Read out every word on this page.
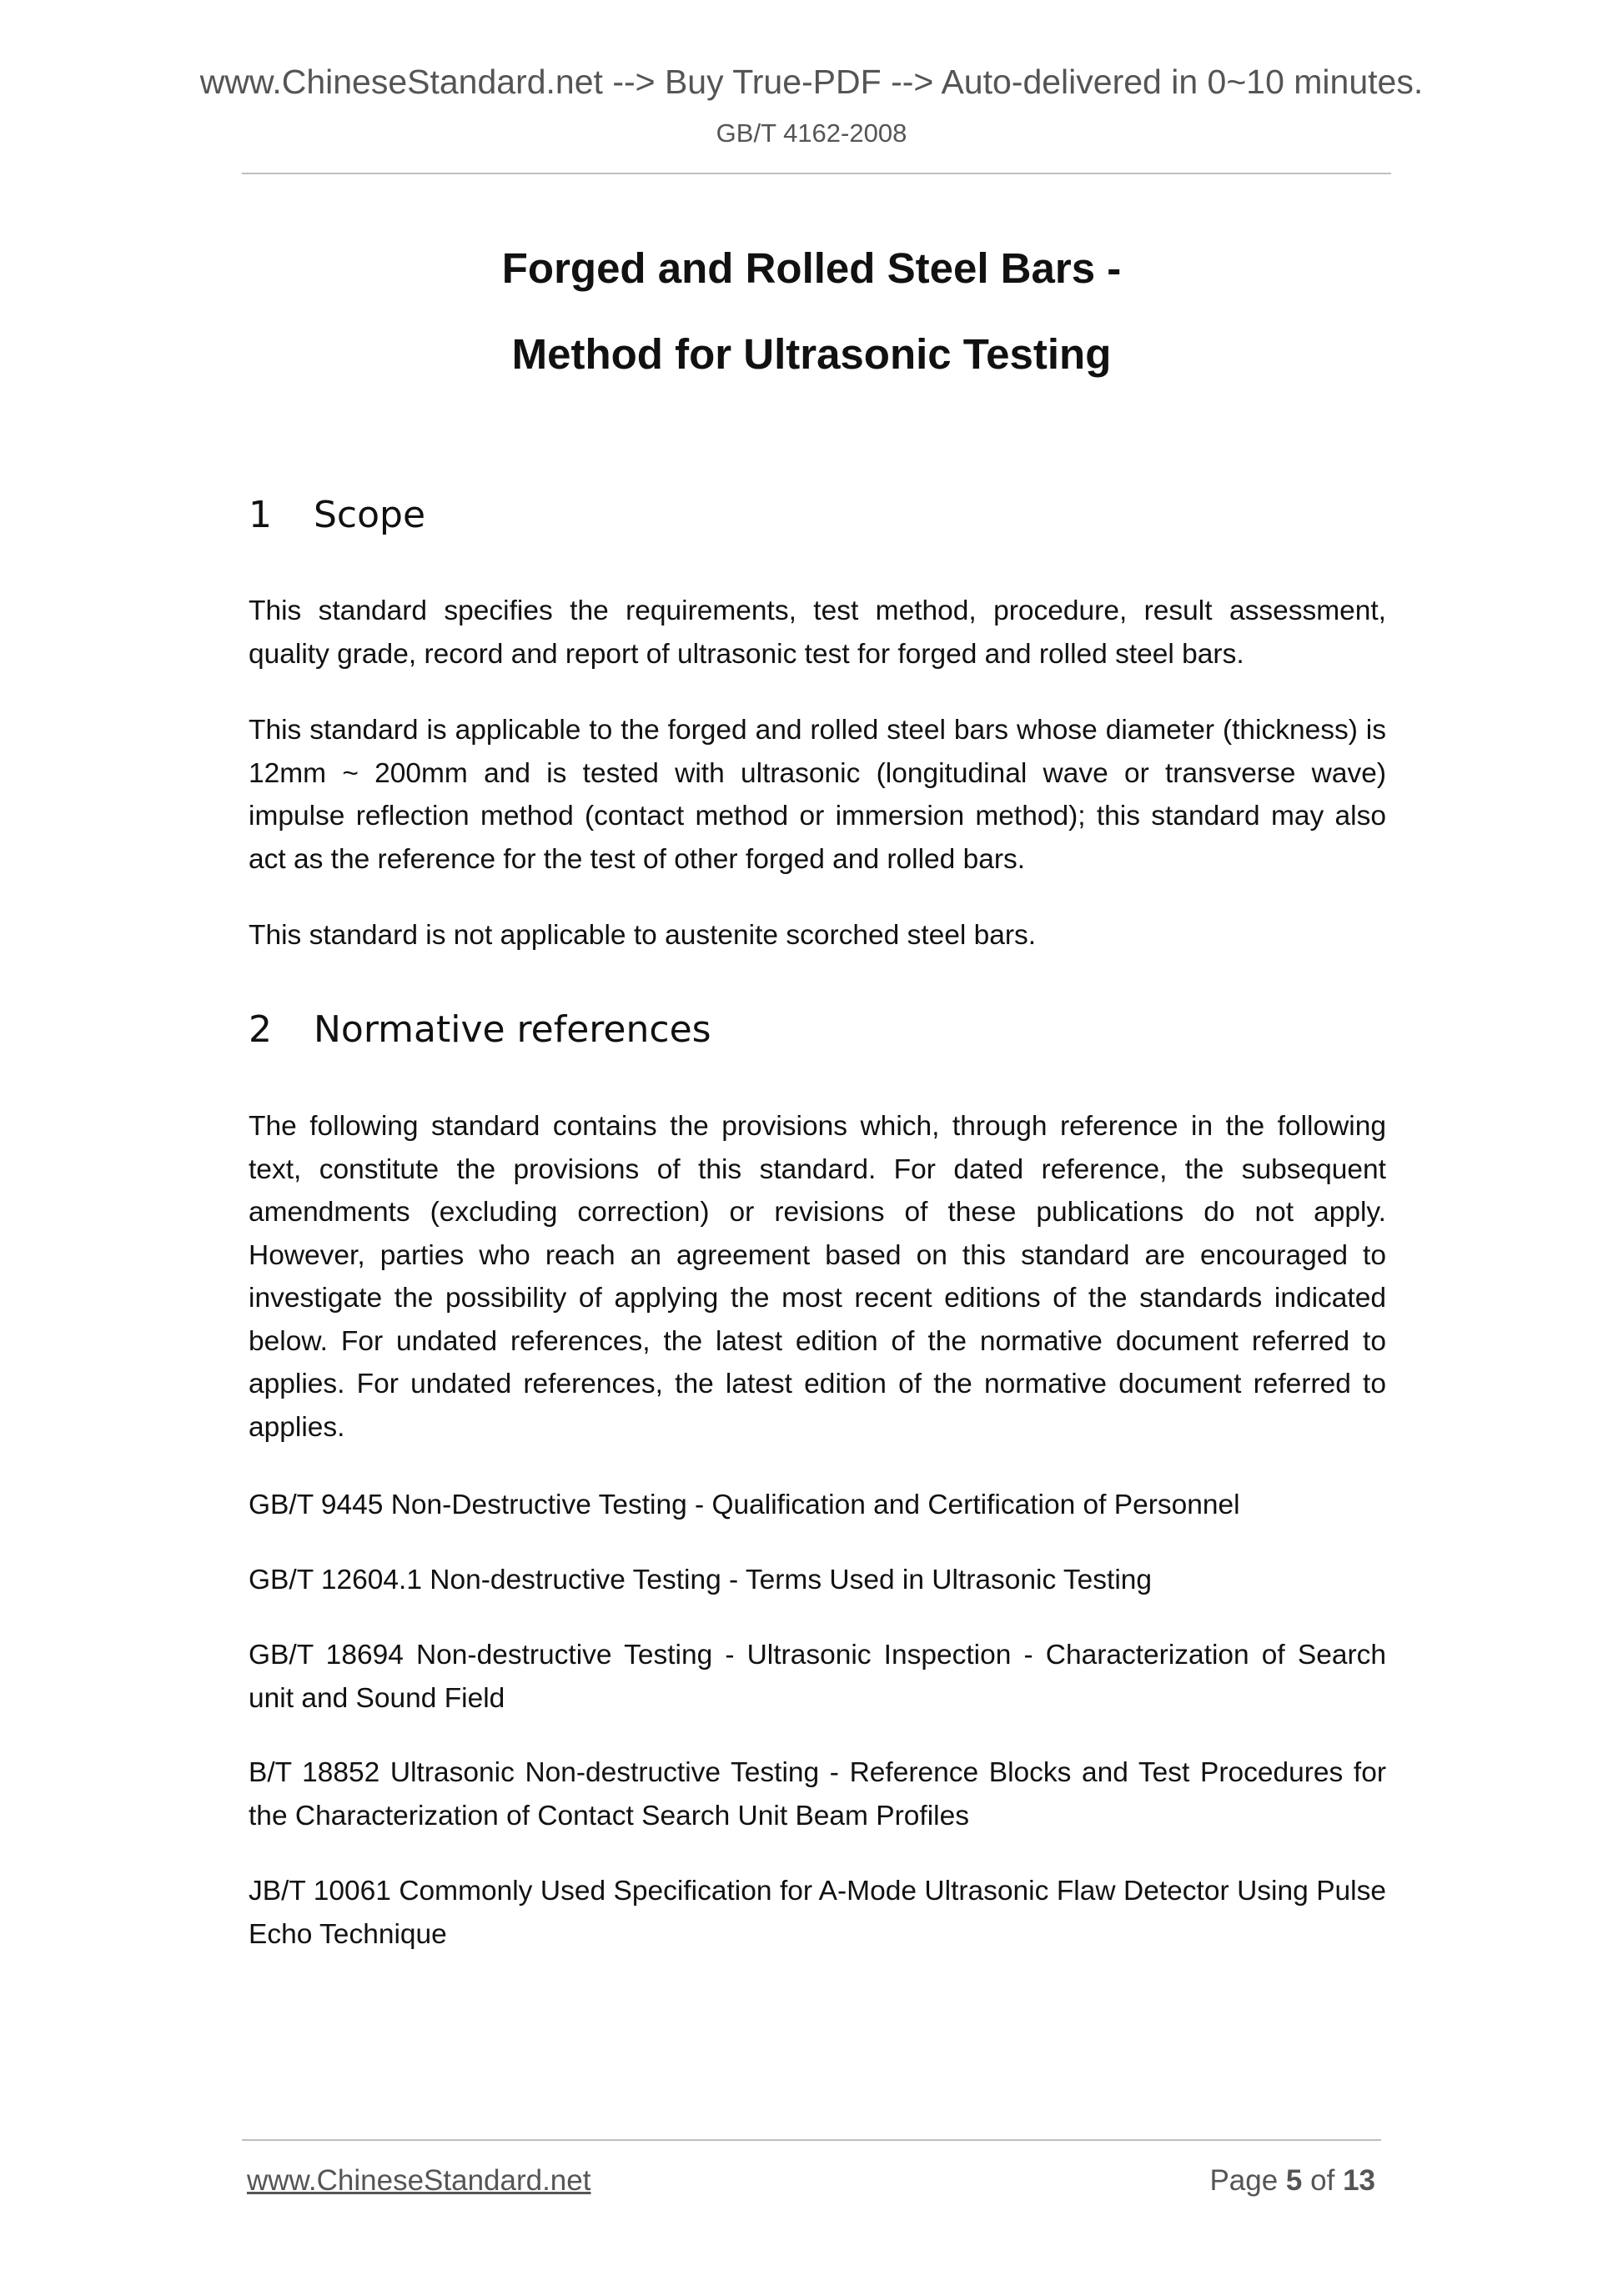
www.ChineseStandard.net --> Buy True-PDF --> Auto-delivered in 0~10 minutes.
GB/T 4162-2008
Forged and Rolled Steel Bars -
Method for Ultrasonic Testing
1 Scope
This standard specifies the requirements, test method, procedure, result assessment, quality grade, record and report of ultrasonic test for forged and rolled steel bars.
This standard is applicable to the forged and rolled steel bars whose diameter (thickness) is 12mm ~ 200mm and is tested with ultrasonic (longitudinal wave or transverse wave) impulse reflection method (contact method or immersion method); this standard may also act as the reference for the test of other forged and rolled bars.
This standard is not applicable to austenite scorched steel bars.
2 Normative references
The following standard contains the provisions which, through reference in the following text, constitute the provisions of this standard. For dated reference, the subsequent amendments (excluding correction) or revisions of these publications do not apply. However, parties who reach an agreement based on this standard are encouraged to investigate the possibility of applying the most recent editions of the standards indicated below. For undated references, the latest edition of the normative document referred to applies. For undated references, the latest edition of the normative document referred to applies.
GB/T 9445 Non-Destructive Testing - Qualification and Certification of Personnel
GB/T 12604.1 Non-destructive Testing - Terms Used in Ultrasonic Testing
GB/T 18694 Non-destructive Testing - Ultrasonic Inspection - Characterization of Search unit and Sound Field
B/T 18852 Ultrasonic Non-destructive Testing - Reference Blocks and Test Procedures for the Characterization of Contact Search Unit Beam Profiles
JB/T 10061 Commonly Used Specification for A-Mode Ultrasonic Flaw Detector Using Pulse Echo Technique
www.ChineseStandard.net	Page 5 of 13
